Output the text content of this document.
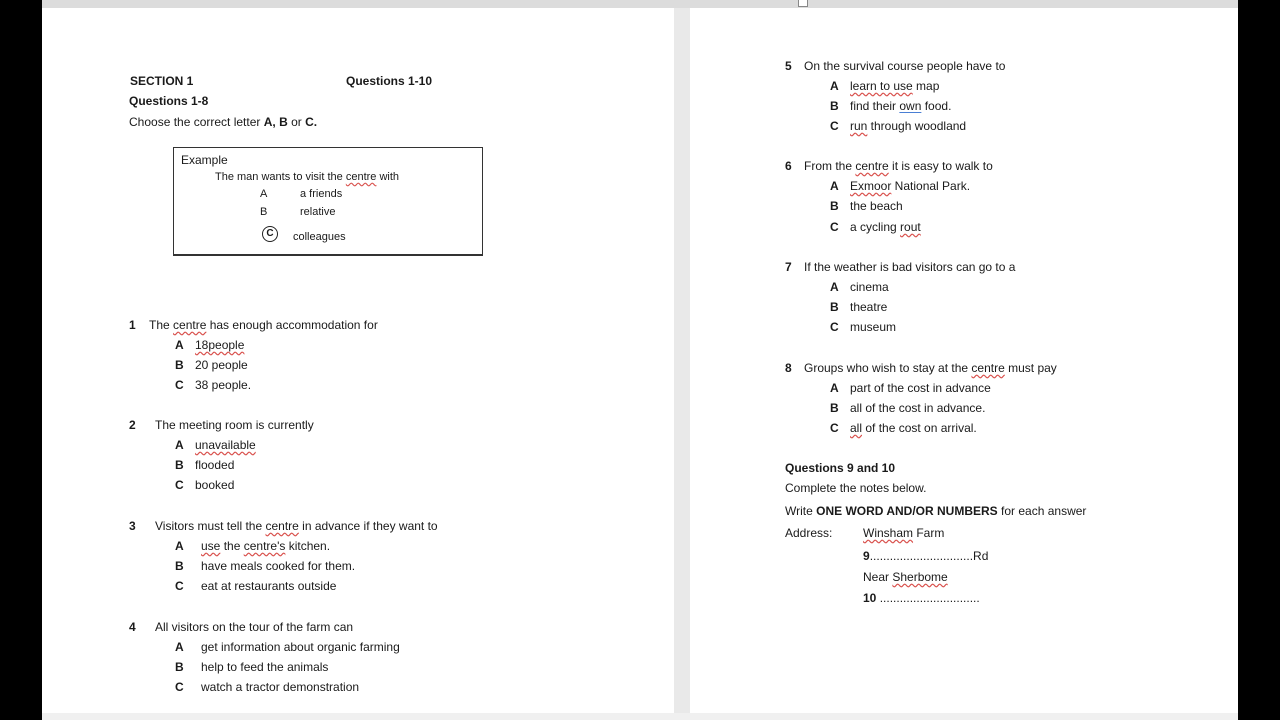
SECTION 1	Questions 1-10
Questions 1-8
Choose the correct letter A, B or C.
Example
The man wants to visit the centre with
A	a friends
B	relative
C	colleagues
1 The centre has enough accommodation for
A 18people
B 20 people
C 38 people.
2 The meeting room is currently
A unavailable
B flooded
C booked
3 Visitors must tell the centre in advance if they want to
A use the centre's kitchen.
B have meals cooked for them.
C eat at restaurants outside
4 All visitors on the tour of the farm can
A get information about organic farming
B help to feed the animals
C watch a tractor demonstration
5 On the survival course people have to
A learn to use map
B find their own food.
C run through woodland
6 From the centre it is easy to walk to
A Exmoor National Park.
B the beach
C a cycling rout
7 If the weather is bad visitors can go to a
A cinema
B theatre
C museum
8 Groups who wish to stay at the centre must pay
A part of the cost in advance
B all of the cost in advance.
C all of the cost on arrival.
Questions 9 and 10
Complete the notes below.
Write ONE WORD AND/OR NUMBERS for each answer
Address:	Winsham Farm
9...............................Rd
Near Sherbome
10 ..............................
